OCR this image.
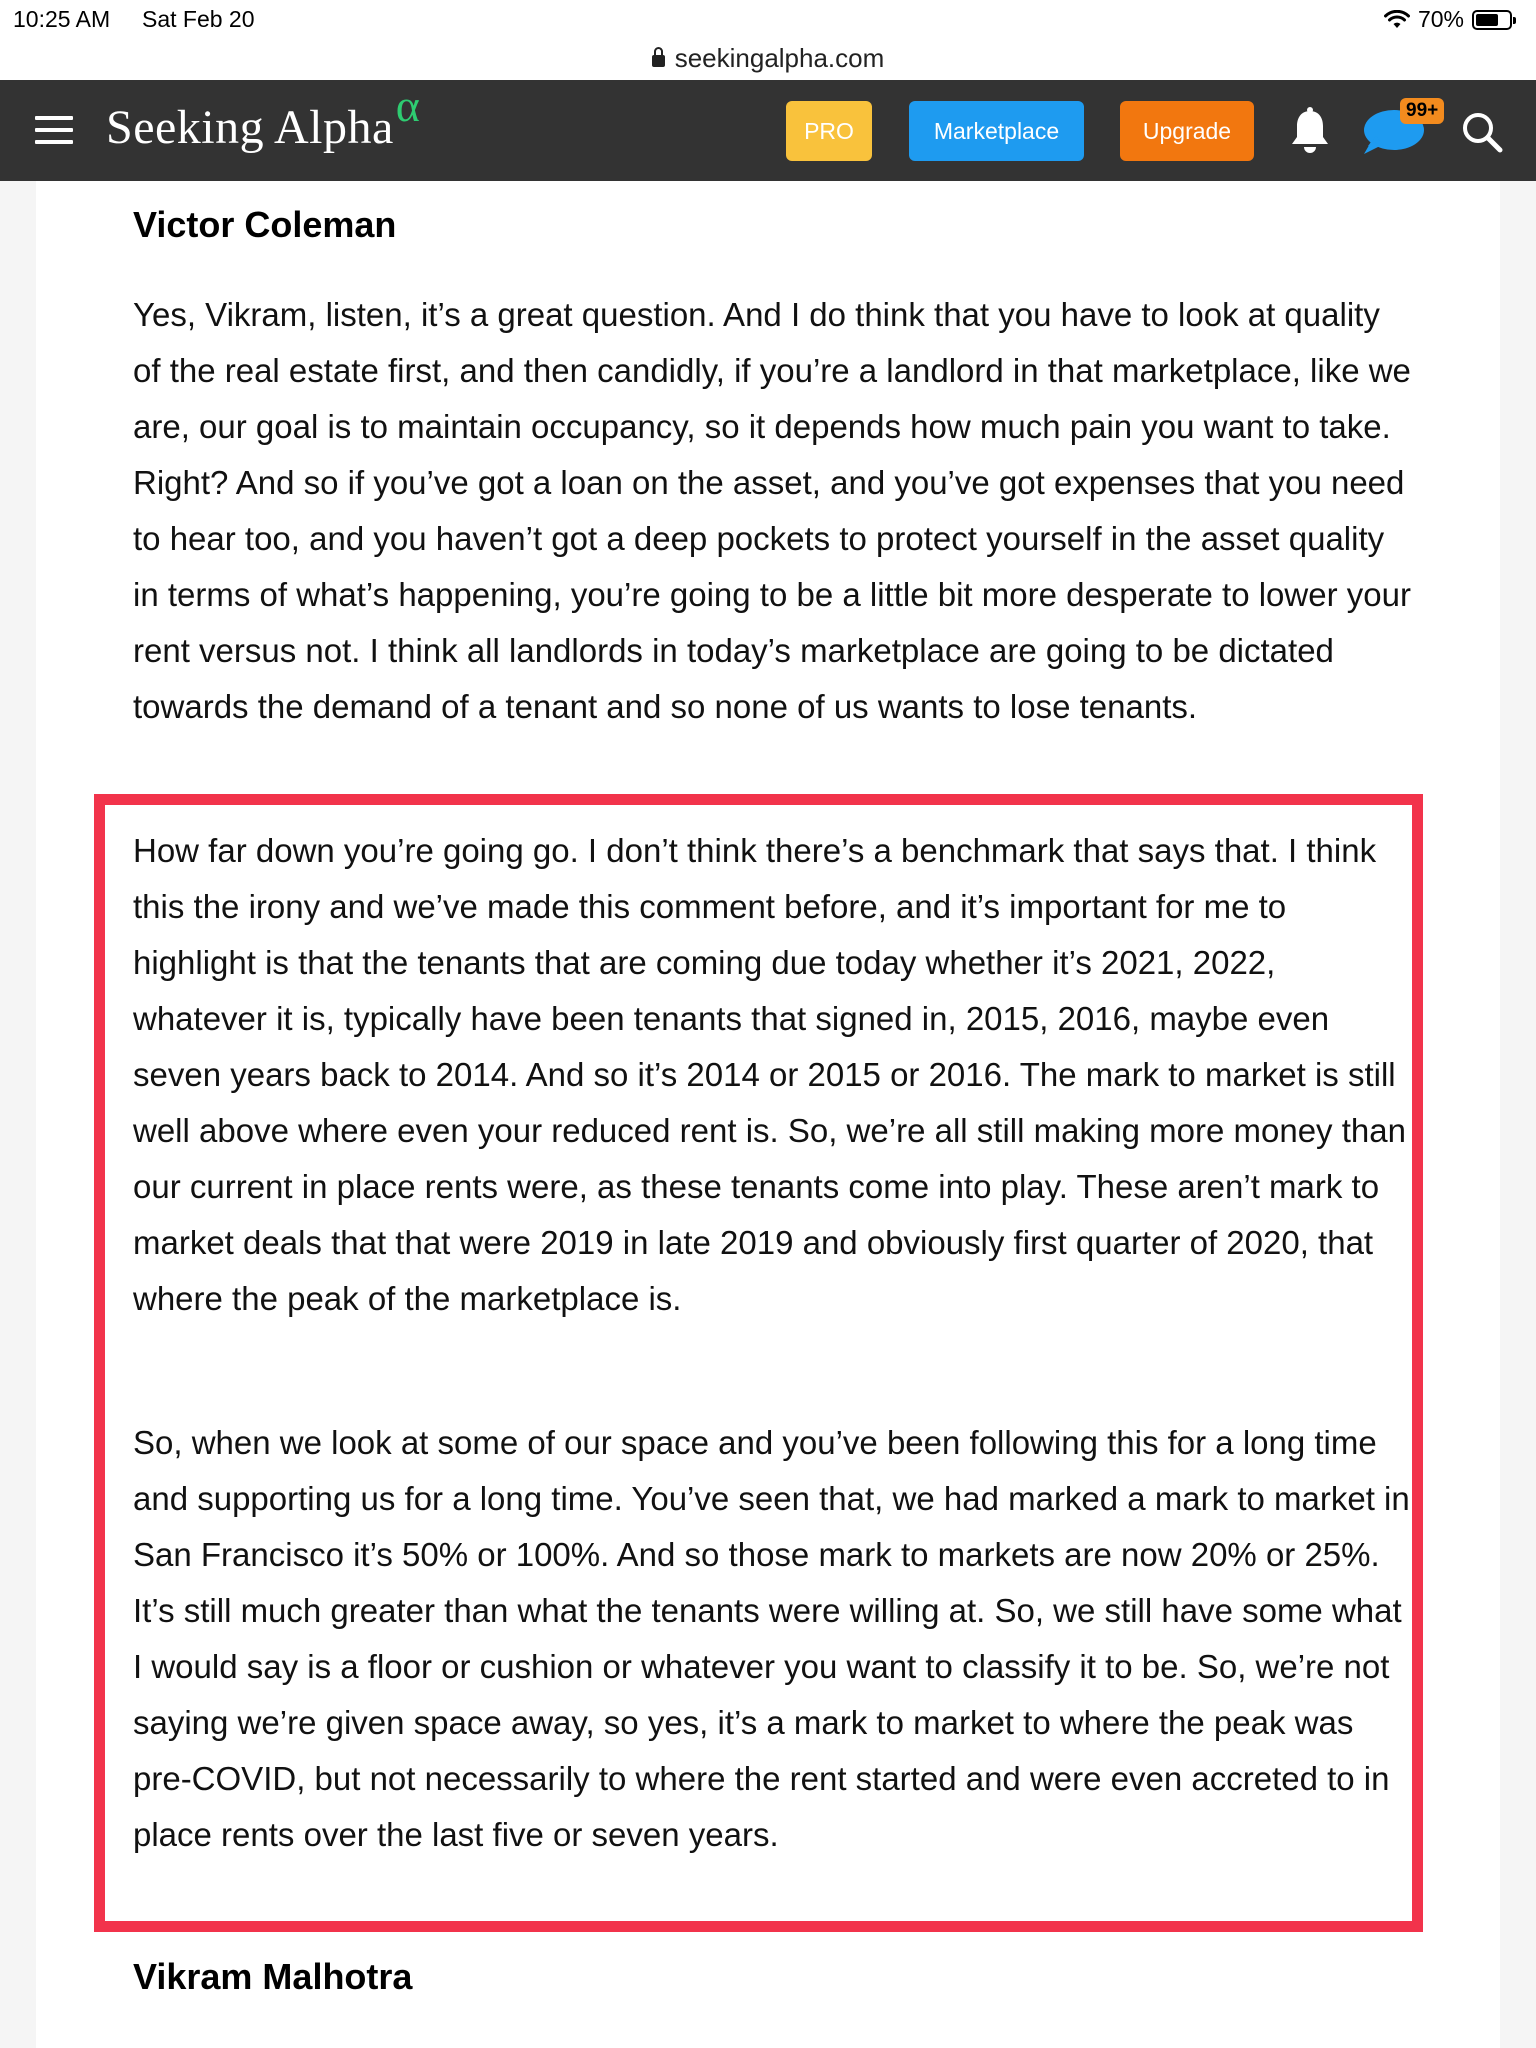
10:25 AM Sat Feb 20	70%
seekingalpha.com
Seeking Alphaα	PRO	Marketplace	Upgrade
99+
Victor Coleman
Yes, Vikram, listen, it’s a great question. And I do think that you have to look at quality of the real estate first, and then candidly, if you’re a landlord in that marketplace, like we are, our goal is to maintain occupancy, so it depends how much pain you want to take. Right? And so if you’ve got a loan on the asset, and you’ve got expenses that you need to hear too, and you haven’t got a deep pockets to protect yourself in the asset quality in terms of what’s happening, you’re going to be a little bit more desperate to lower your rent versus not. I think all landlords in today’s marketplace are going to be dictated towards the demand of a tenant and so none of us wants to lose tenants.
How far down you’re going go. I don’t think there’s a benchmark that says that. I think this the irony and we’ve made this comment before, and it’s important for me to highlight is that the tenants that are coming due today whether it’s 2021, 2022, whatever it is, typically have been tenants that signed in, 2015, 2016, maybe even seven years back to 2014. And so it’s 2014 or 2015 or 2016. The mark to market is still well above where even your reduced rent is. So, we’re all still making more money than our current in place rents were, as these tenants come into play. These aren’t mark to market deals that that were 2019 in late 2019 and obviously first quarter of 2020, that where the peak of the marketplace is.
So, when we look at some of our space and you’ve been following this for a long time and supporting us for a long time. You’ve seen that, we had marked a mark to market in San Francisco it’s 50% or 100%. And so those mark to markets are now 20% or 25%. It’s still much greater than what the tenants were willing at. So, we still have some what I would say is a floor or cushion or whatever you want to classify it to be. So, we’re not saying we’re given space away, so yes, it’s a mark to market to where the peak was pre-COVID, but not necessarily to where the rent started and were even accreted to in place rents over the last five or seven years.
Vikram Malhotra
